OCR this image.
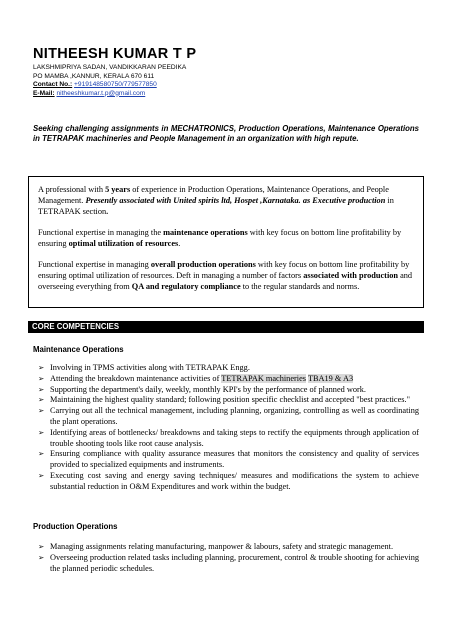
NITHEESH KUMAR T P
LAKSHMIPRIYA SADAN, VANDIKKARAN PEEDIKA
PO MAMBA ,KANNUR, KERALA 670 611
Contact No.: +919148580750/779577850
E-Mail: nitheeshkumar.t.p@gmail.com
Seeking challenging assignments in MECHATRONICS, Production Operations, Maintenance Operations in TETRAPAK machineries and People Management in an organization with high repute.

A professional with 5 years of experience in Production Operations, Maintenance Operations, and People Management. Presently associated with United spirits ltd, Hospet ,Karnataka. as Executive production in TETRAPAK section.

Functional expertise in managing the maintenance operations with key focus on bottom line profitability by ensuring optimal utilization of resources.

Functional expertise in managing overall production operations with key focus on bottom line profitability by ensuring optimal utilization of resources. Deft in managing a number of factors associated with production and overseeing everything from QA and regulatory compliance to the regular standards and norms.

CORE COMPETENCIES
Maintenance Operations
➢ Involving in TPMS activities along with TETRAPAK Engg.
➢ Attending the breakdown maintenance activities of TETRAPAK machineries TBA19 & A3
➢ Supporting the department's daily, weekly, monthly KPI's by the performance of planned work.
➢ Maintaining the highest quality standard; following position specific checklist and accepted "best practices."
➢ Carrying out all the technical management, including planning, organizing, controlling as well as coordinating the plant operations.
➢ Identifying areas of bottlenecks/ breakdowns and taking steps to rectify the equipments through application of trouble shooting tools like root cause analysis.
➢ Ensuring compliance with quality assurance measures that monitors the consistency and quality of services provided to specialized equipments and instruments.
➢ Executing cost saving and energy saving techniques/ measures and modifications the system to achieve substantial reduction in O&M Expenditures and work within the budget.
Production Operations
➢ Managing assignments relating manufacturing, manpower & labours, safety and strategic management.
➢ Overseeing production related tasks including planning, procurement, control & trouble shooting for achieving the planned periodic schedules.
